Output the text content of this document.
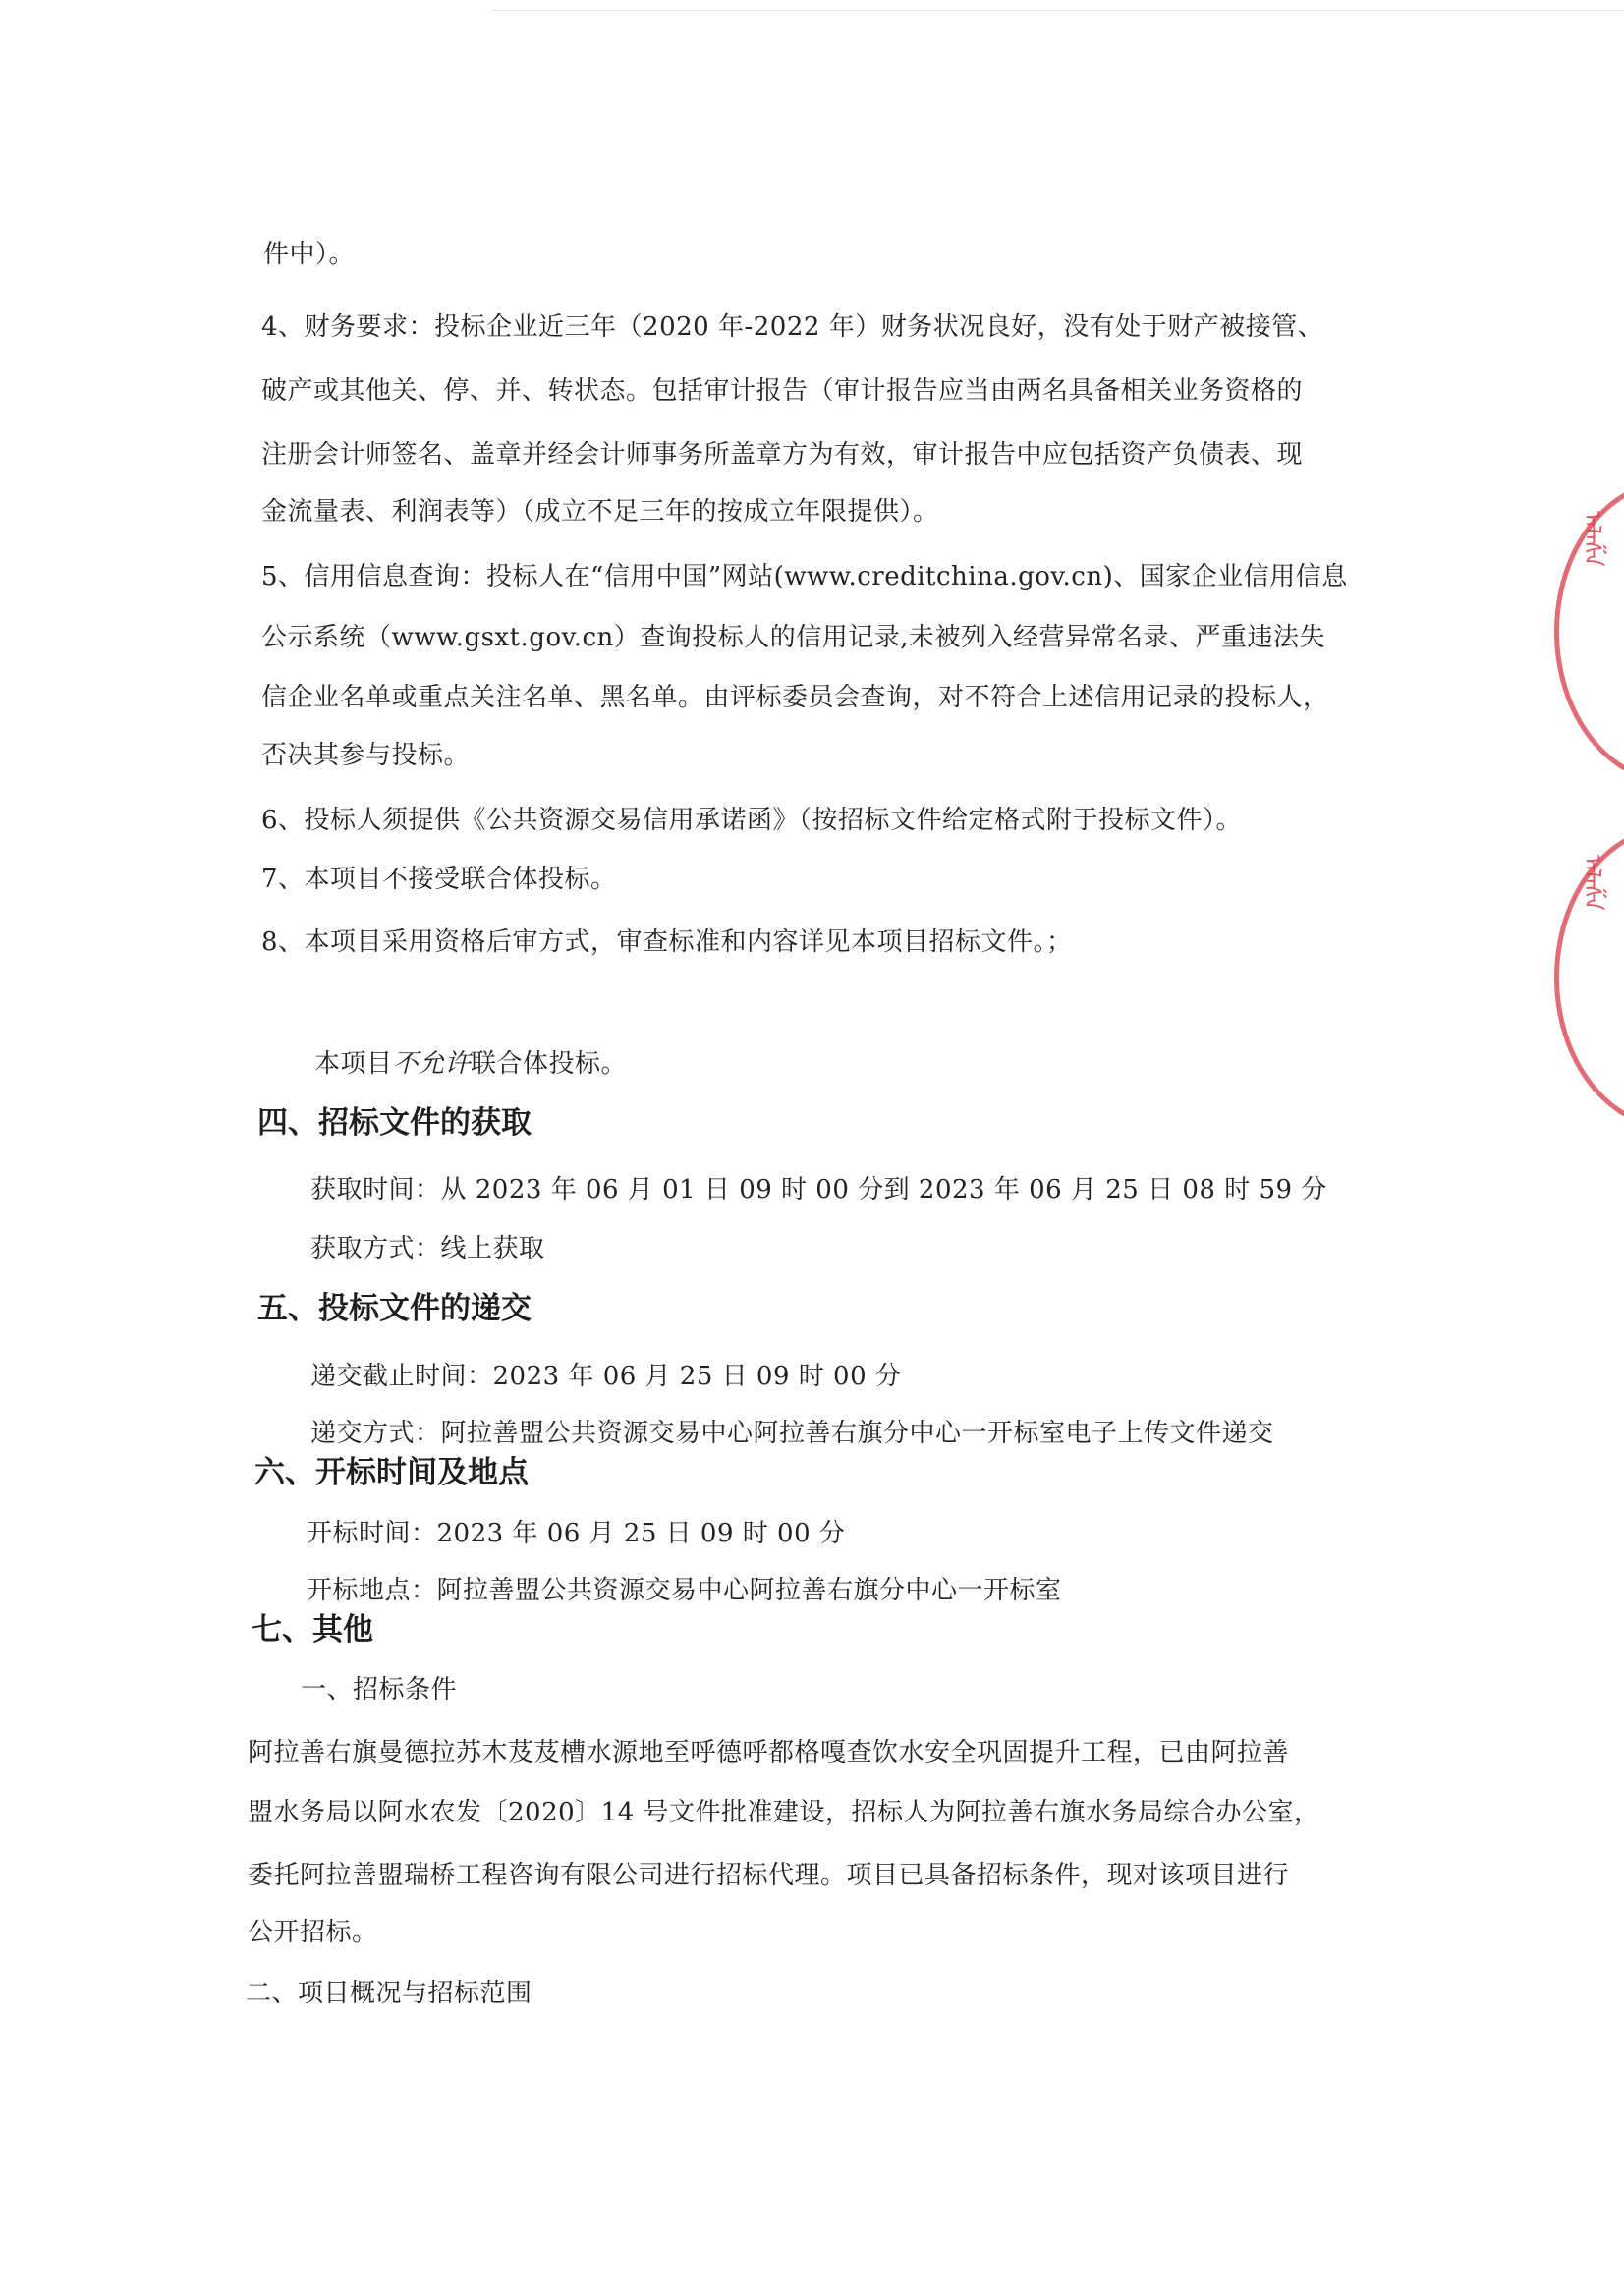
件中）。
4、财务要求：投标企业近三年（2020 年-2022 年）财务状况良好，没有处于财产被接管、
破产或其他关、停、并、转状态。包括审计报告（审计报告应当由两名具备相关业务资格的
注册会计师签名、盖章并经会计师事务所盖章方为有效，审计报告中应包括资产负债表、现
金流量表、利润表等）（成立不足三年的按成立年限提供）。
5、信用信息查询：投标人在“信用中国”网站(www.creditchina.gov.cn)、国家企业信用信息
公示系统（www.gsxt.gov.cn）查询投标人的信用记录,未被列入经营异常名录、严重违法失
信企业名单或重点关注名单、黑名单。由评标委员会查询，对不符合上述信用记录的投标人，
否决其参与投标。
6、投标人须提供《公共资源交易信用承诺函》（按招标文件给定格式附于投标文件）。
7、本项目不接受联合体投标。
8、本项目采用资格后审方式，审查标准和内容详见本项目招标文件。；
本项目不允许联合体投标。
四、招标文件的获取
获取时间：从 2023 年 06 月 01 日 09 时 00 分到 2023 年 06 月 25 日 08 时 59 分
获取方式：线上获取
五、投标文件的递交
递交截止时间：2023 年 06 月 25 日 09 时 00 分
递交方式：阿拉善盟公共资源交易中心阿拉善右旗分中心一开标室电子上传文件递交
六、开标时间及地点
开标时间：2023 年 06 月 25 日 09 时 00 分
开标地点：阿拉善盟公共资源交易中心阿拉善右旗分中心一开标室
七、其他
一、招标条件
阿拉善右旗曼德拉苏木芨芨槽水源地至呼德呼都格嘎查饮水安全巩固提升工程，已由阿拉善
盟水务局以阿水农发〔2020〕14 号文件批准建设，招标人为阿拉善右旗水务局综合办公室，
委托阿拉善盟瑞桥工程咨询有限公司进行招标代理。项目已具备招标条件，现对该项目进行
公开招标。
二、项目概况与招标范围
ᠠᠯᠠᠱᠠ
ᠠᠯᠠᠱᠠ
